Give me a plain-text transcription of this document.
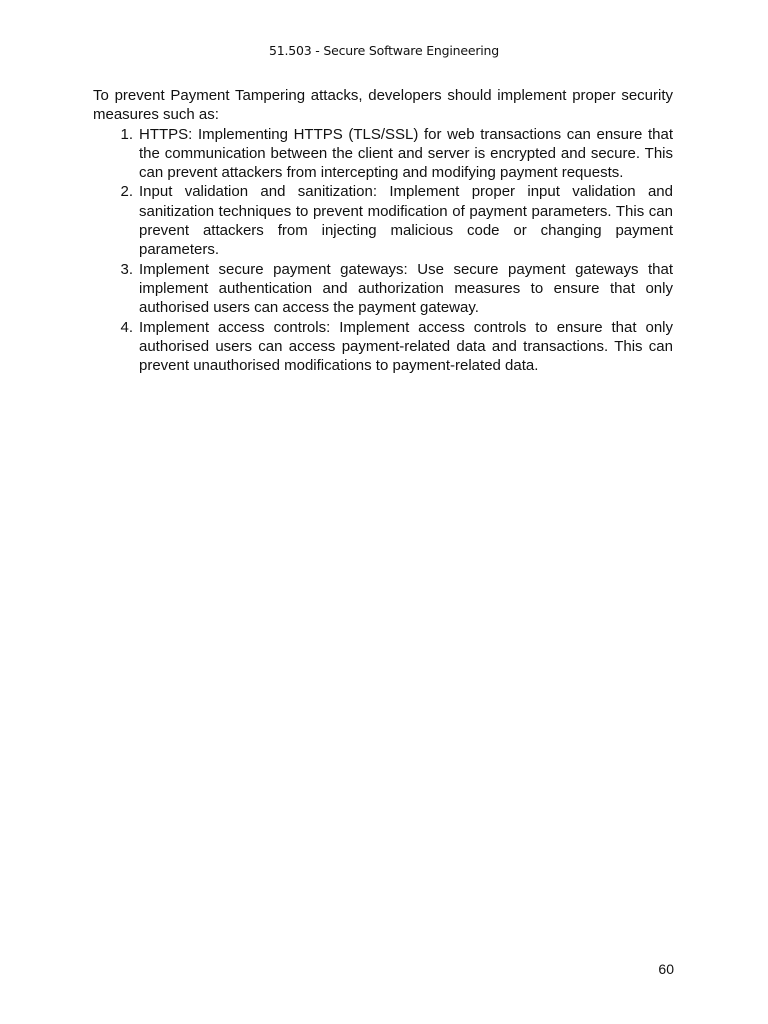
51.503 - Secure Software Engineering

To prevent Payment Tampering attacks, developers should implement proper security measures such as:

1. HTTPS: Implementing HTTPS (TLS/SSL) for web transactions can ensure that the communication between the client and server is encrypted and secure. This can prevent attackers from intercepting and modifying payment requests.
2. Input validation and sanitization: Implement proper input validation and sanitization techniques to prevent modification of payment parameters. This can prevent attackers from injecting malicious code or changing payment parameters.
3. Implement secure payment gateways: Use secure payment gateways that implement authentication and authorization measures to ensure that only authorised users can access the payment gateway.
4. Implement access controls: Implement access controls to ensure that only authorised users can access payment-related data and transactions. This can prevent unauthorised modifications to payment-related data.
60
